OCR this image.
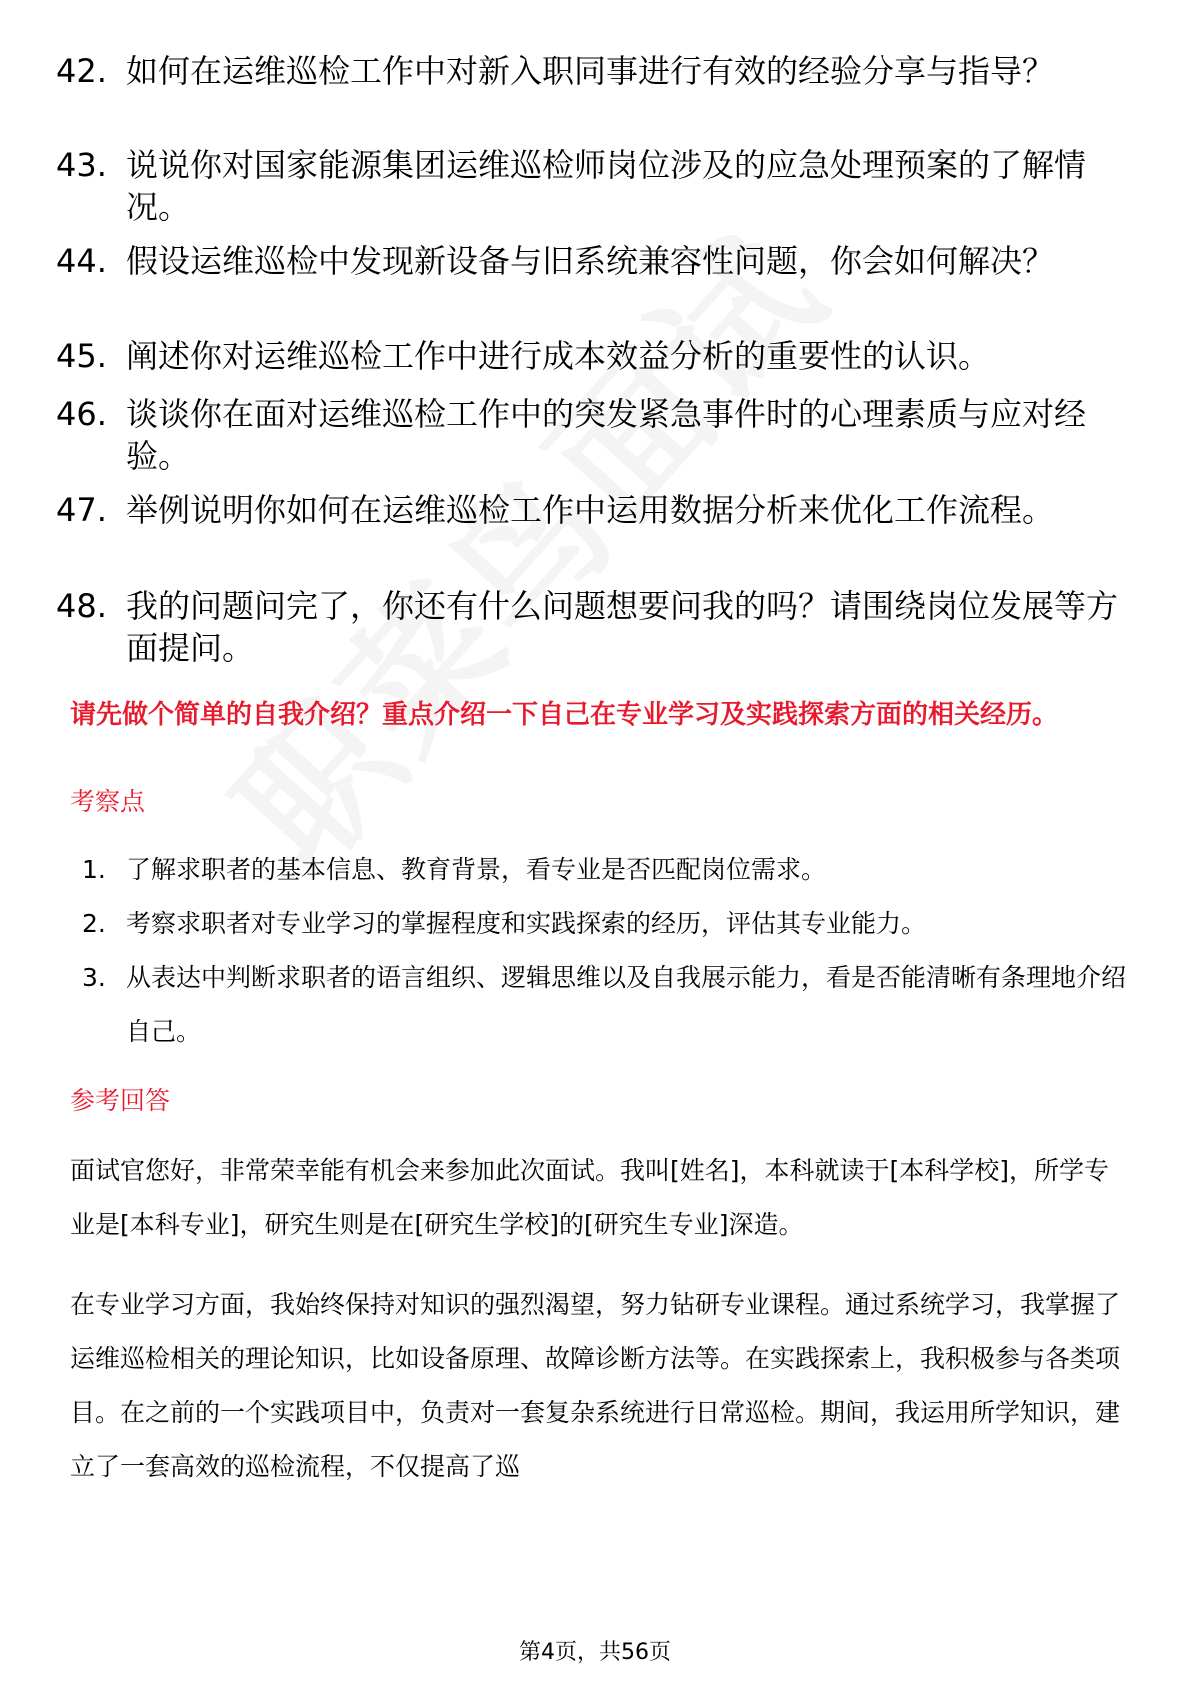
42. 如何在运维巡检工作中对新入职同事进行有效的经验分享与指导？
43. 说说你对国家能源集团运维巡检师岗位涉及的应急处理预案的了解情况。
44. 假设运维巡检中发现新设备与旧系统兼容性问题，你会如何解决？
45. 阐述你对运维巡检工作中进行成本效益分析的重要性的认识。
46. 谈谈你在面对运维巡检工作中的突发紧急事件时的心理素质与应对经验。
47. 举例说明你如何在运维巡检工作中运用数据分析来优化工作流程。
48. 我的问题问完了，你还有什么问题想要问我的吗？请围绕岗位发展等方面提问。
请先做个简单的自我介绍？重点介绍一下自己在专业学习及实践探索方面的相关经历。
考察点
1. 了解求职者的基本信息、教育背景，看专业是否匹配岗位需求。
2. 考察求职者对专业学习的掌握程度和实践探索的经历，评估其专业能力。
3. 从表达中判断求职者的语言组织、逻辑思维以及自我展示能力，看是否能清晰有条理地介绍自己。
参考回答
面试官您好，非常荣幸能有机会来参加此次面试。我叫[姓名]，本科就读于[本科学校]，所学专业是[本科专业]，研究生则是在[研究生学校]的[研究生专业]深造。
在专业学习方面，我始终保持对知识的强烈渴望，努力钻研专业课程。通过系统学习，我掌握了运维巡检相关的理论知识，比如设备原理、故障诊断方法等。在实践探索上，我积极参与各类项目。在之前的一个实践项目中，负责对一套复杂系统进行日常巡检。期间，我运用所学知识，建立了一套高效的巡检流程，不仅提高了巡
第4页，共56页
